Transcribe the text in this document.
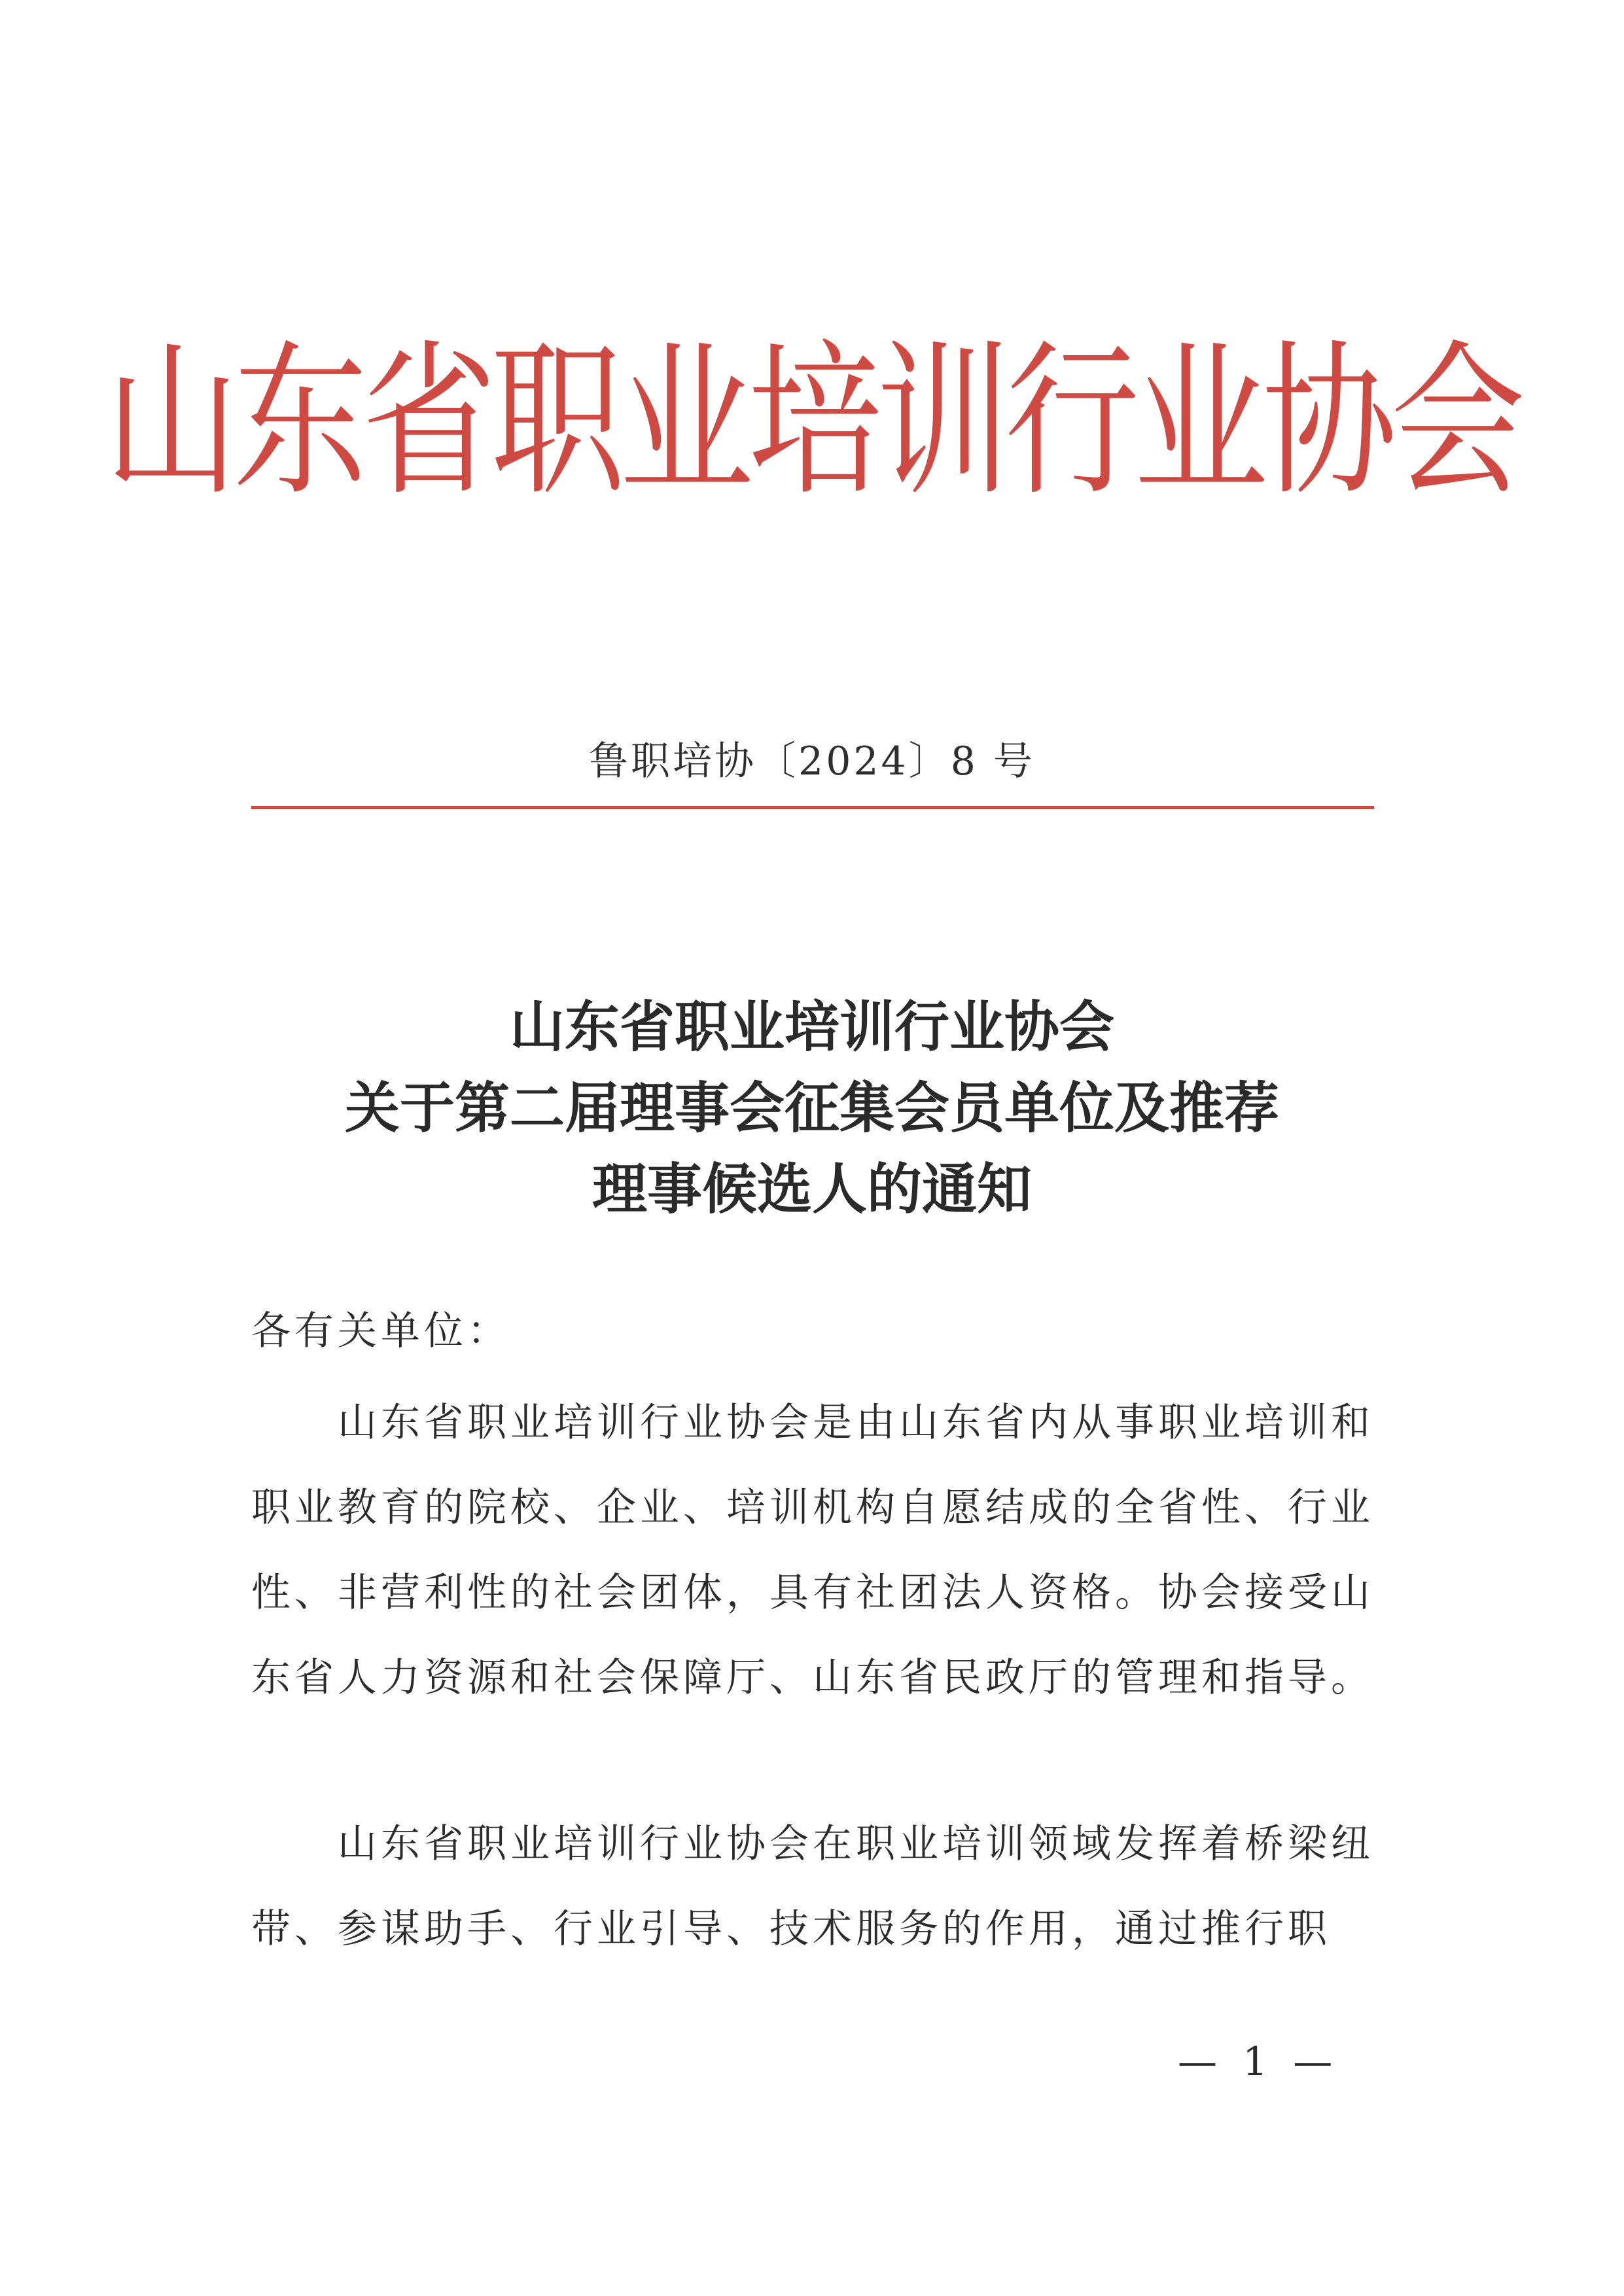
山东省职业培训行业协会
鲁职培协〔2024〕8 号
山东省职业培训行业协会
关于第二届理事会征集会员单位及推荐
理事候选人的通知
各有关单位：

山东省职业培训行业协会是由山东省内从事职业培训和职业教育的院校、企业、培训机构自愿结成的全省性、行业性、非营利性的社会团体，具有社团法人资格。协会接受山东省人力资源和社会保障厅、山东省民政厅的管理和指导。

山东省职业培训行业协会在职业培训领域发挥着桥梁纽带、参谋助手、行业引导、技术服务的作用，通过推行职

— 1 —
